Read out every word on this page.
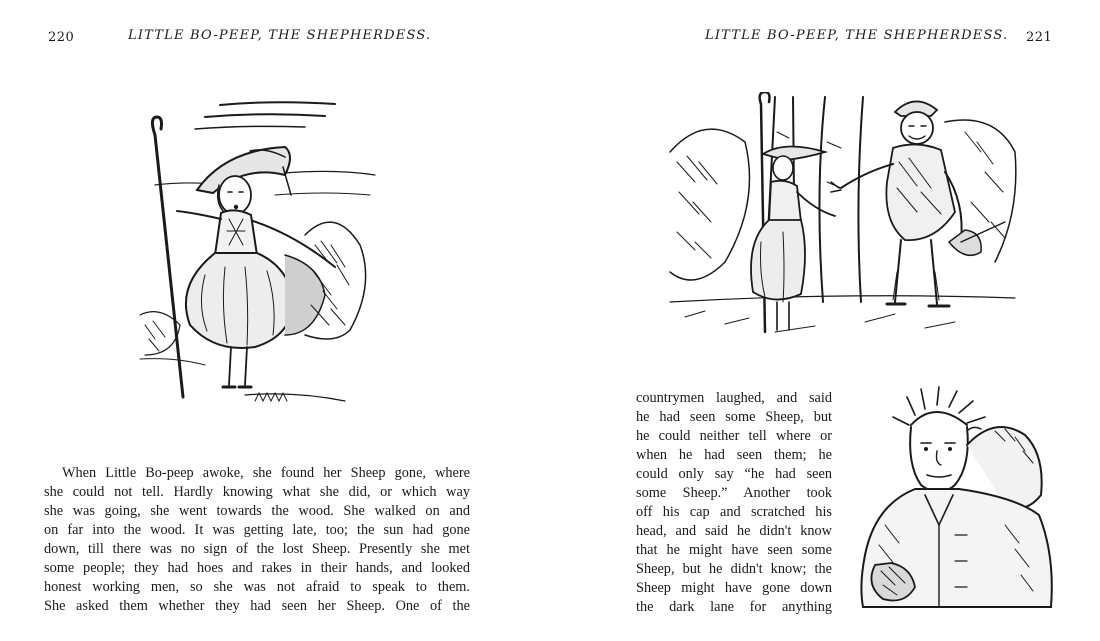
220	LITTLE BO-PEEP, THE SHEPHERDESS.
When Little Bo-peep awoke, she found her Sheep gone, where
she could not tell. Hardly knowing what she did, or which way
she was going, she went towards the wood. She walked on and
on far into the wood. It was getting late, too; the sun had gone
down, till there was no sign of the lost Sheep. Presently she met
some people; they had hoes and rakes in their hands, and looked
honest working men, so she was not afraid to speak to them.
She asked them whether they had seen her Sheep. One of the
LITTLE BO-PEEP, THE SHEPHERDESS. 221
countrymen laughed, and said
he had seen some Sheep, but
he could neither tell where or
when he had seen them; he
could only say “he had seen
some Sheep.” Another took
off his cap and scratched his
head, and said he didn't know
that he might have seen some
Sheep, but he didn't know; the
Sheep might have gone down
the dark lane for anything
